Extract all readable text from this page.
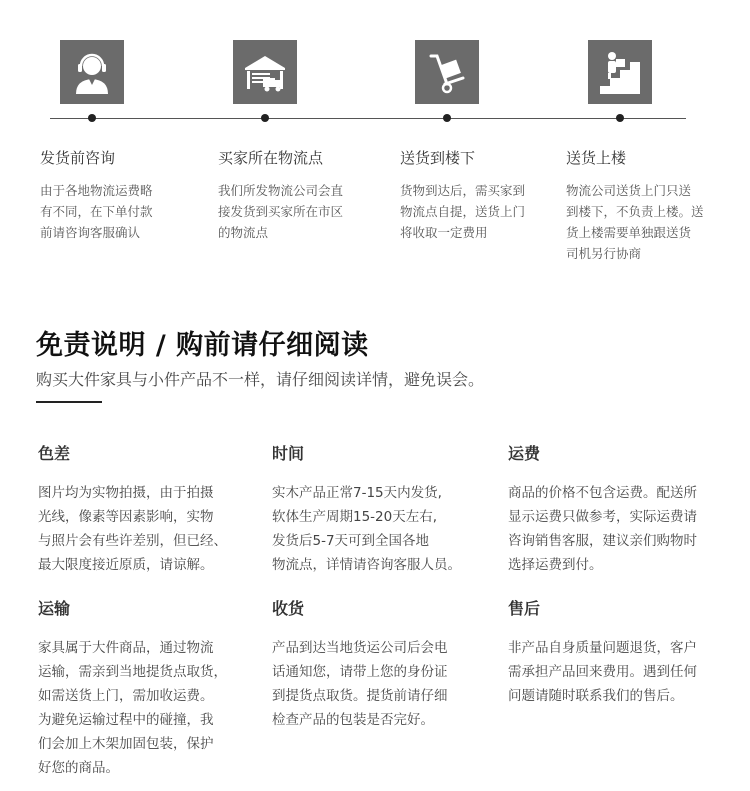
发货前咨询
由于各地物流运费略
有不同，在下单付款
前请咨询客服确认
买家所在物流点
我们所发物流公司会直
接发货到买家所在市区
的物流点
送货到楼下
货物到达后，需买家到
物流点自提，送货上门
将收取一定费用
送货上楼
物流公司送货上门只送
到楼下，不负责上楼。送
货上楼需要单独跟送货
司机另行协商
免责说明 / 购前请仔细阅读
购买大件家具与小件产品不一样，请仔细阅读详情，避免误会。
色差
图片均为实物拍摄，由于拍摄
光线，像素等因素影响，实物
与照片会有些许差别，但已经、
最大限度接近原质，请谅解。
时间
实木产品正常7-15天内发货,
软体生产周期15-20天左右,
发货后5-7天可到全国各地
物流点，详情请咨询客服人员。
运费
商品的价格不包含运费。配送所
显示运费只做参考，实际运费请
咨询销售客服，建议亲们购物时
选择运费到付。
运输
家具属于大件商品，通过物流
运输，需亲到当地提货点取货，
如需送货上门，需加收运费。
为避免运输过程中的碰撞，我
们会加上木架加固包装，保护
好您的商品。
收货
产品到达当地货运公司后会电
话通知您，请带上您的身份证
到提货点取货。提货前请仔细
检查产品的包装是否完好。
售后
非产品自身质量问题退货，客户
需承担产品回来费用。遇到任何
问题请随时联系我们的售后。
